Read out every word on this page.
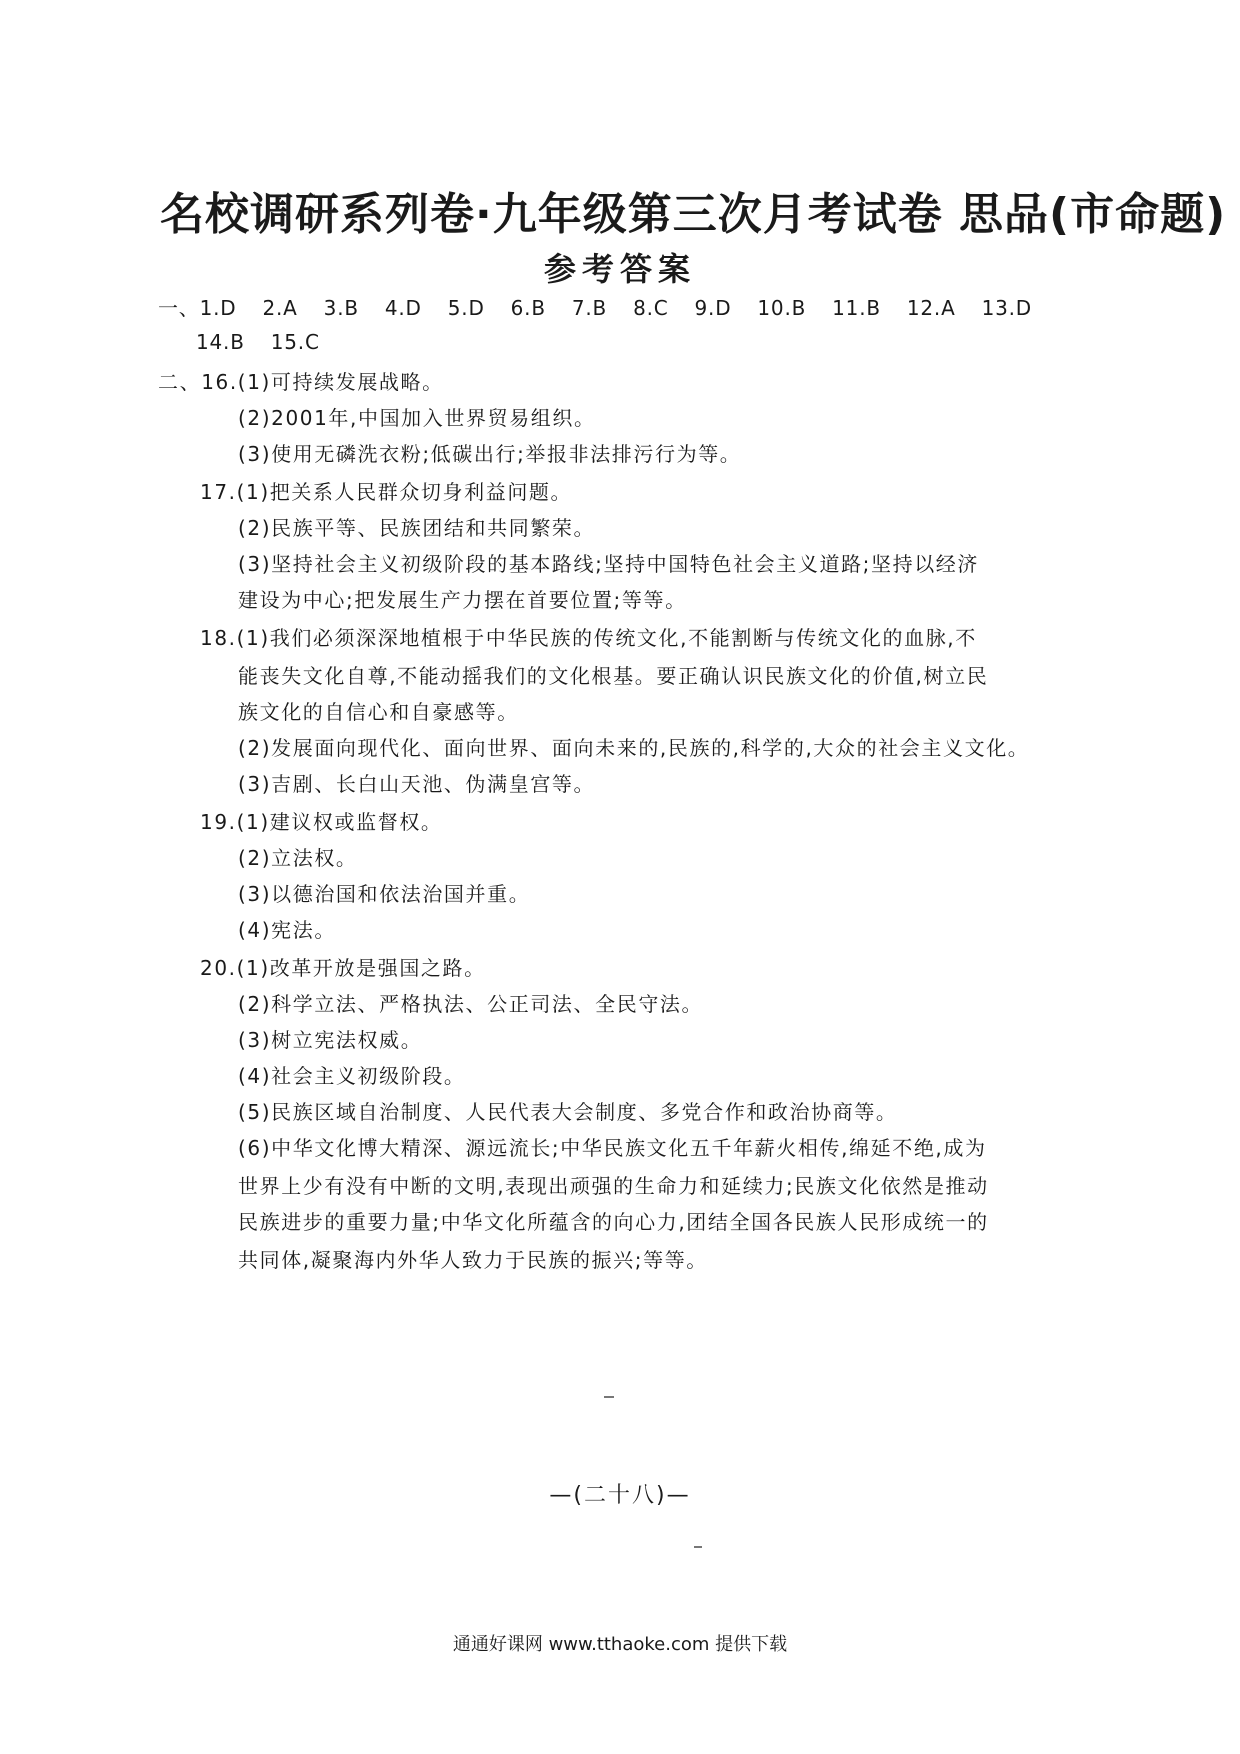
名校调研系列卷·九年级第三次月考试卷 思品(市命题)
参考答案
一、1.D 2.A 3.B 4.D 5.D 6.B 7.B 8.C 9.D 10.B 11.B 12.A 13.D
14.B 15.C
二、16.(1)可持续发展战略。
(2)2001年,中国加入世界贸易组织。
(3)使用无磷洗衣粉;低碳出行;举报非法排污行为等。
17.(1)把关系人民群众切身利益问题。
(2)民族平等、民族团结和共同繁荣。
(3)坚持社会主义初级阶段的基本路线;坚持中国特色社会主义道路;坚持以经济
建设为中心;把发展生产力摆在首要位置;等等。
18.(1)我们必须深深地植根于中华民族的传统文化,不能割断与传统文化的血脉,不
能丧失文化自尊,不能动摇我们的文化根基。要正确认识民族文化的价值,树立民
族文化的自信心和自豪感等。
(2)发展面向现代化、面向世界、面向未来的,民族的,科学的,大众的社会主义文化。
(3)吉剧、长白山天池、伪满皇宫等。
19.(1)建议权或监督权。
(2)立法权。
(3)以德治国和依法治国并重。
(4)宪法。
20.(1)改革开放是强国之路。
(2)科学立法、严格执法、公正司法、全民守法。
(3)树立宪法权威。
(4)社会主义初级阶段。
(5)民族区域自治制度、人民代表大会制度、多党合作和政治协商等。
(6)中华文化博大精深、源远流长;中华民族文化五千年薪火相传,绵延不绝,成为
世界上少有没有中断的文明,表现出顽强的生命力和延续力;民族文化依然是推动
民族进步的重要力量;中华文化所蕴含的向心力,团结全国各民族人民形成统一的
共同体,凝聚海内外华人致力于民族的振兴;等等。
—(二十八)—
通通好课网 www.tthaoke.com 提供下载
